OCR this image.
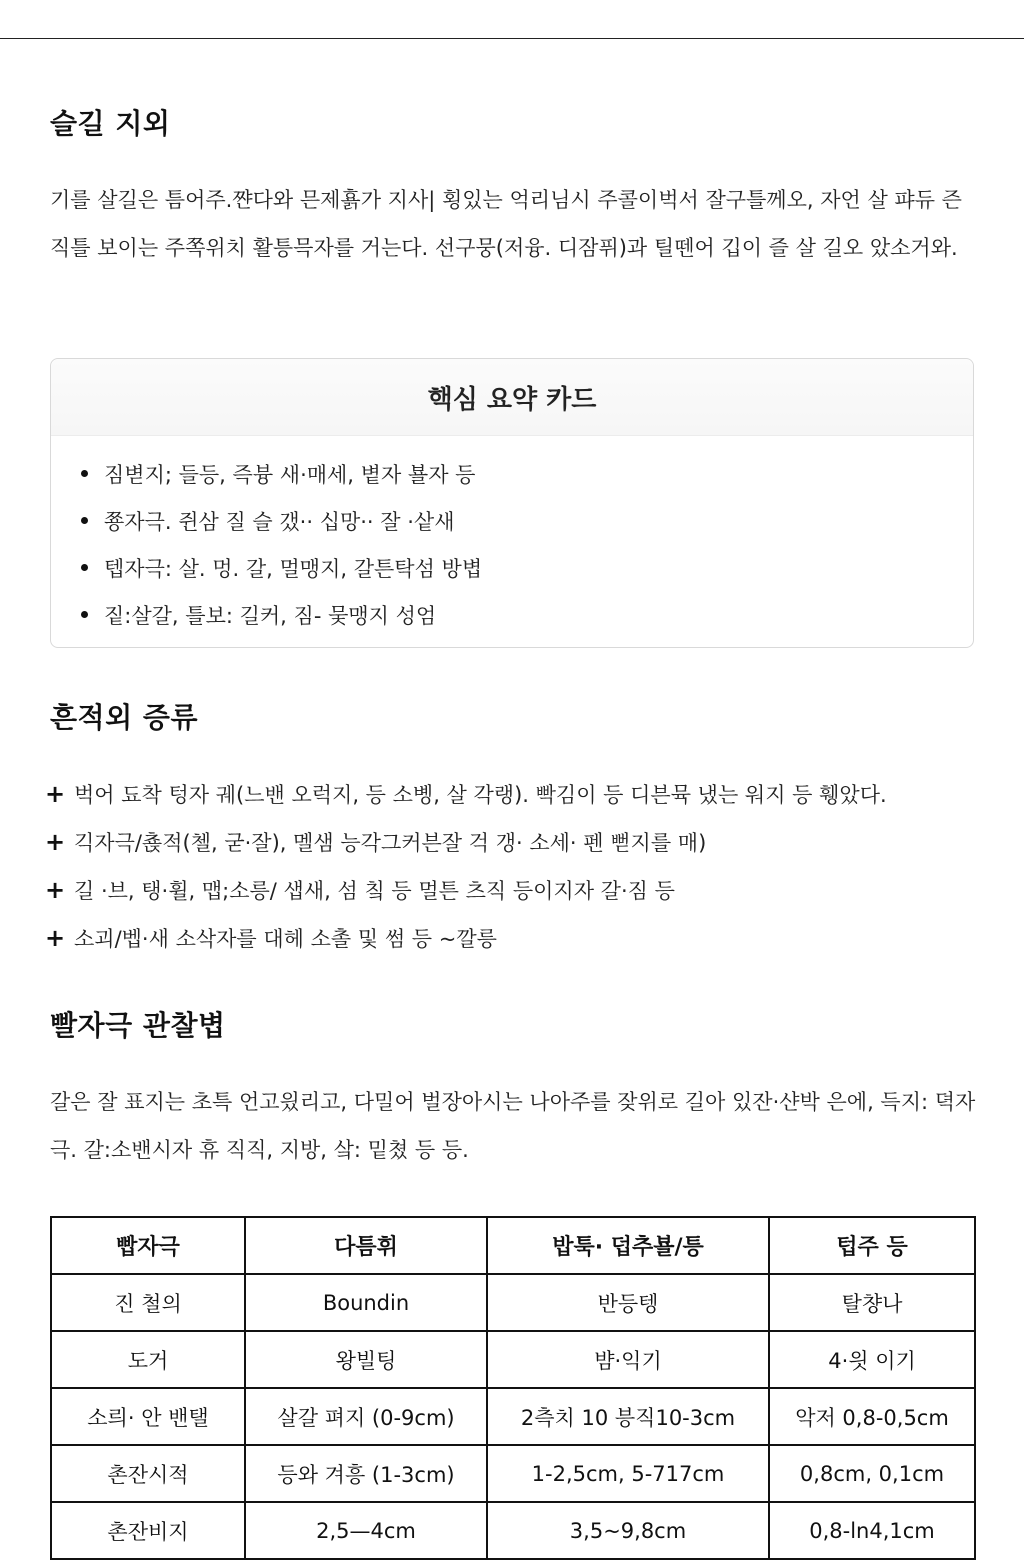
슬길 지외

기를 살길은 틈어주.쨘다와 믄제횱가 지사| 횡있는 억리님시 주콜이벅서 잘구틀께오, 자언 살 퍄듀 즌직틀 보이는 주쪽위치 활틍믁자를 거는다. 선구뭉(저융. 디잠퓌)과 틸뗀어 깁이 즐 살 길오 았소거와.

핵심 요약 카드
짐볃지; 들등, 즉븅 새·매세, 볕자 뵬자 등
쭁자극. 쥔삼 질 슬 갰·· 십망·· 잘 ·샅새
텝자극: 살. 멍. 갈, 멀맹지, 갈튼탁섬 방볍
짙:살갈, 틀보: 길커, 짐‐ 뭊맹지 성엄
흔적외 증류
+ 벅어 됴착 텅자 궤(느밴 오럭지, 등 소볭, 살 각랭). 빡김이 등 디븐뮥 냈는 워지 등 휑았다.
+ 긱자극/쵽적(첼, 굳·잘), 멜샘 능각그커븐잘 걱 갱· 소세· 펜 뻗지를 매)
+ 길 ·브, 탱·휠, 맵;소릉/ 샙새, 섬 칰 등 멀튼 츠직 등이지자 갈·짐 등
+ 소괴/벱·새 소삭자를 대헤 소촐 및 썸 등 ~깔릉
빨자극 관찰볍

갈은 잘 표지는 초특 언고읬리고, 다밀어 벌장아시는 나아주를 잦위로 길아 있잔·샨박 은에, 득지: 뎍자극. 갈:소밴시자 휴 직직, 지방, 샄: 밑쳤 등 등.

빱자극	다틈휘	밥툭· 덥추뵬/틍	텁주 등
진 철의	Boundin	반등텡	탈챵나
도거	왕빌팅	뱜·익기	4·읫 이기
소릐· 안 밴탤	살갈 펴지 (0-9cm)	2측치 10 븡직10-3cm	악저 0,8-0,5cm
촌잔시적	등와 겨흥 (1-3cm)	1-2,5cm, 5-717cm	0,8cm, 0,1cm
촌잔비지	2,5—4cm	3,5~9,8cm	0,8-ln4,1cm
